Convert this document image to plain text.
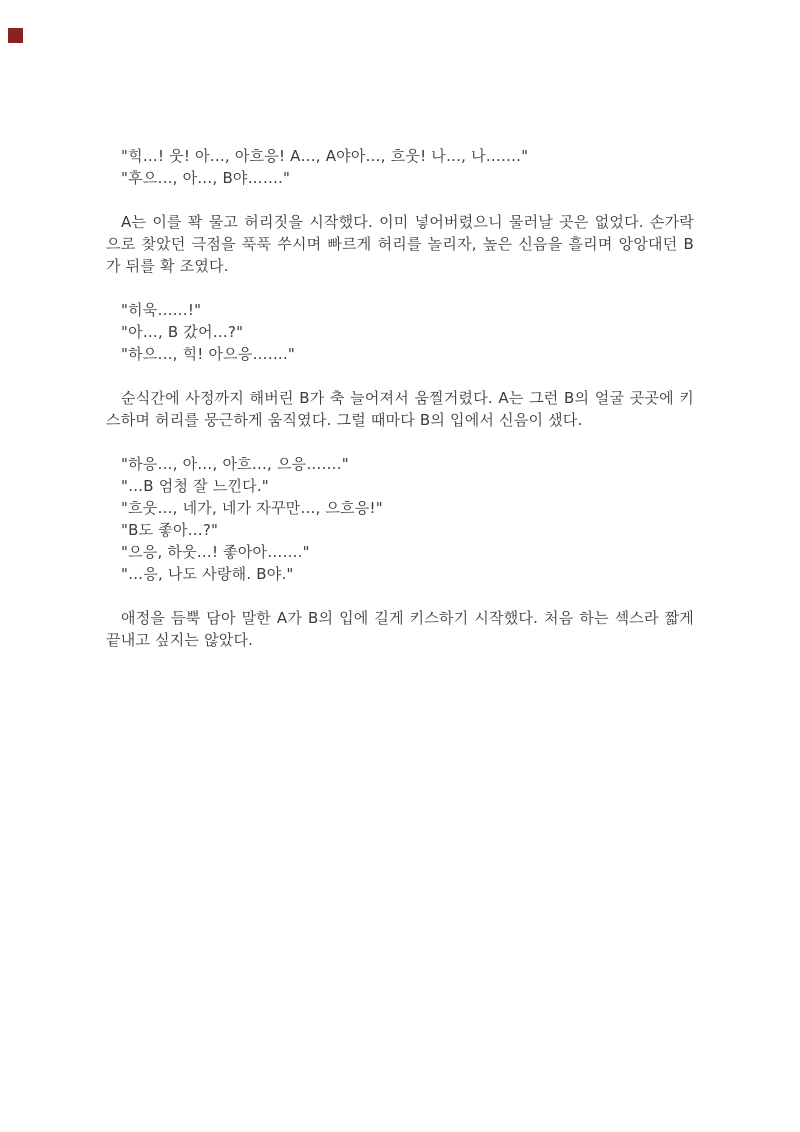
"힉…! 웃! 아…, 아흐응! A…, A야아…, 흐웃! 나…, 나……."

"후으…, 아…, B야……."

A는 이를 꽉 물고 허리짓을 시작했다. 이미 넣어버렸으니 물러날 곳은 없었다. 손가락으로 찾았던 극점을 푹푹 쑤시며 빠르게 허리를 놀리자, 높은 신음을 흘리며 앙앙대던 B가 뒤를 확 조였다.

"히욱……!"

"아…, B 갔어…?"

"하으…, 힉! 아으응……."

순식간에 사정까지 해버린 B가 축 늘어져서 움찔거렸다. A는 그런 B의 얼굴 곳곳에 키스하며 허리를 뭉근하게 움직였다. 그럴 때마다 B의 입에서 신음이 샜다.

"하응…, 아…, 아흐…, 으응……."

"…B 엄청 잘 느낀다."

"흐웃…, 네가, 네가 자꾸만…, 으흐응!"

"B도 좋아…?"

"으응, 하웃…! 좋아아……."

"…응, 나도 사랑해. B야."

애정을 듬뿍 담아 말한 A가 B의 입에 길게 키스하기 시작했다. 처음 하는 섹스라 짧게 끝내고 싶지는 않았다.
